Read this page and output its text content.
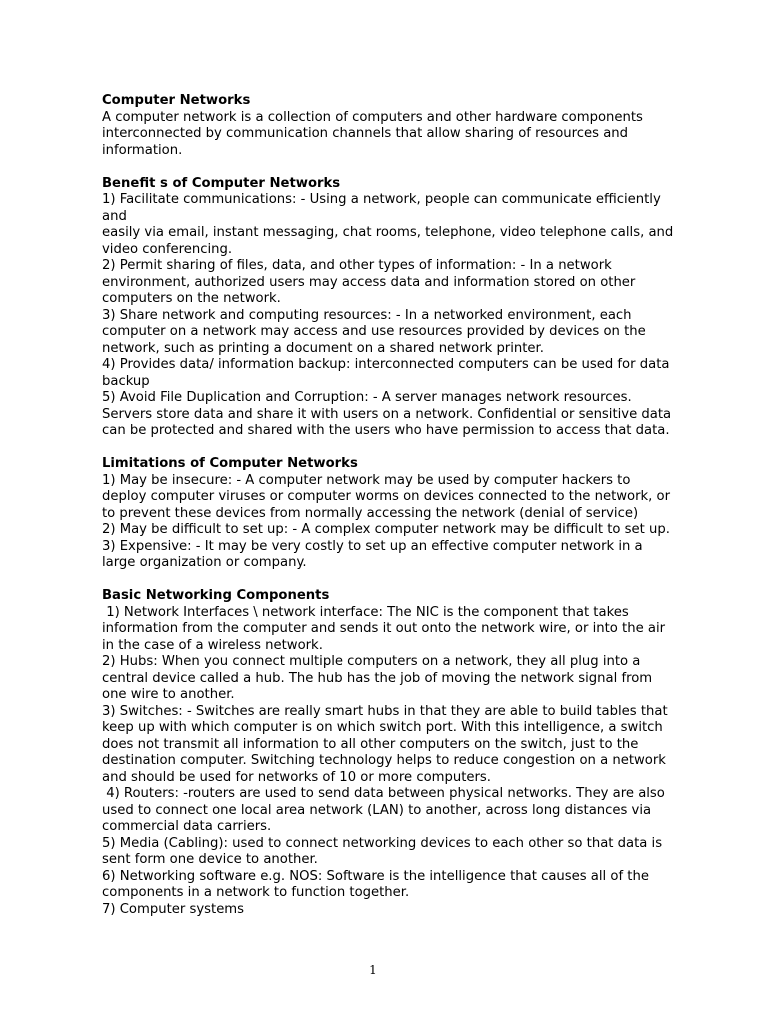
Computer Networks
A computer network is a collection of computers and other hardware components
interconnected by communication channels that allow sharing of resources and
information.
Benefit s of Computer Networks
1) Facilitate communications: - Using a network, people can communicate efficiently
and
easily via email, instant messaging, chat rooms, telephone, video telephone calls, and
video conferencing.
2) Permit sharing of files, data, and other types of information: - In a network
environment, authorized users may access data and information stored on other
computers on the network.
3) Share network and computing resources: - In a networked environment, each
computer on a network may access and use resources provided by devices on the
network, such as printing a document on a shared network printer.
4) Provides data/ information backup: interconnected computers can be used for data
backup
5) Avoid File Duplication and Corruption: - A server manages network resources.
Servers store data and share it with users on a network. Confidential or sensitive data
can be protected and shared with the users who have permission to access that data.
Limitations of Computer Networks
1) May be insecure: - A computer network may be used by computer hackers to
deploy computer viruses or computer worms on devices connected to the network, or
to prevent these devices from normally accessing the network (denial of service)
2) May be difficult to set up: - A complex computer network may be difficult to set up.
3) Expensive: - It may be very costly to set up an effective computer network in a
large organization or company.
Basic Networking Components
1) Network Interfaces \ network interface: The NIC is the component that takes
information from the computer and sends it out onto the network wire, or into the air
in the case of a wireless network.
2) Hubs: When you connect multiple computers on a network, they all plug into a
central device called a hub. The hub has the job of moving the network signal from
one wire to another.
3) Switches: - Switches are really smart hubs in that they are able to build tables that
keep up with which computer is on which switch port. With this intelligence, a switch
does not transmit all information to all other computers on the switch, just to the
destination computer. Switching technology helps to reduce congestion on a network
and should be used for networks of 10 or more computers.
4) Routers: -routers are used to send data between physical networks. They are also
used to connect one local area network (LAN) to another, across long distances via
commercial data carriers.
5) Media (Cabling): used to connect networking devices to each other so that data is
sent form one device to another.
6) Networking software e.g. NOS: Software is the intelligence that causes all of the
components in a network to function together.
7) Computer systems
1
